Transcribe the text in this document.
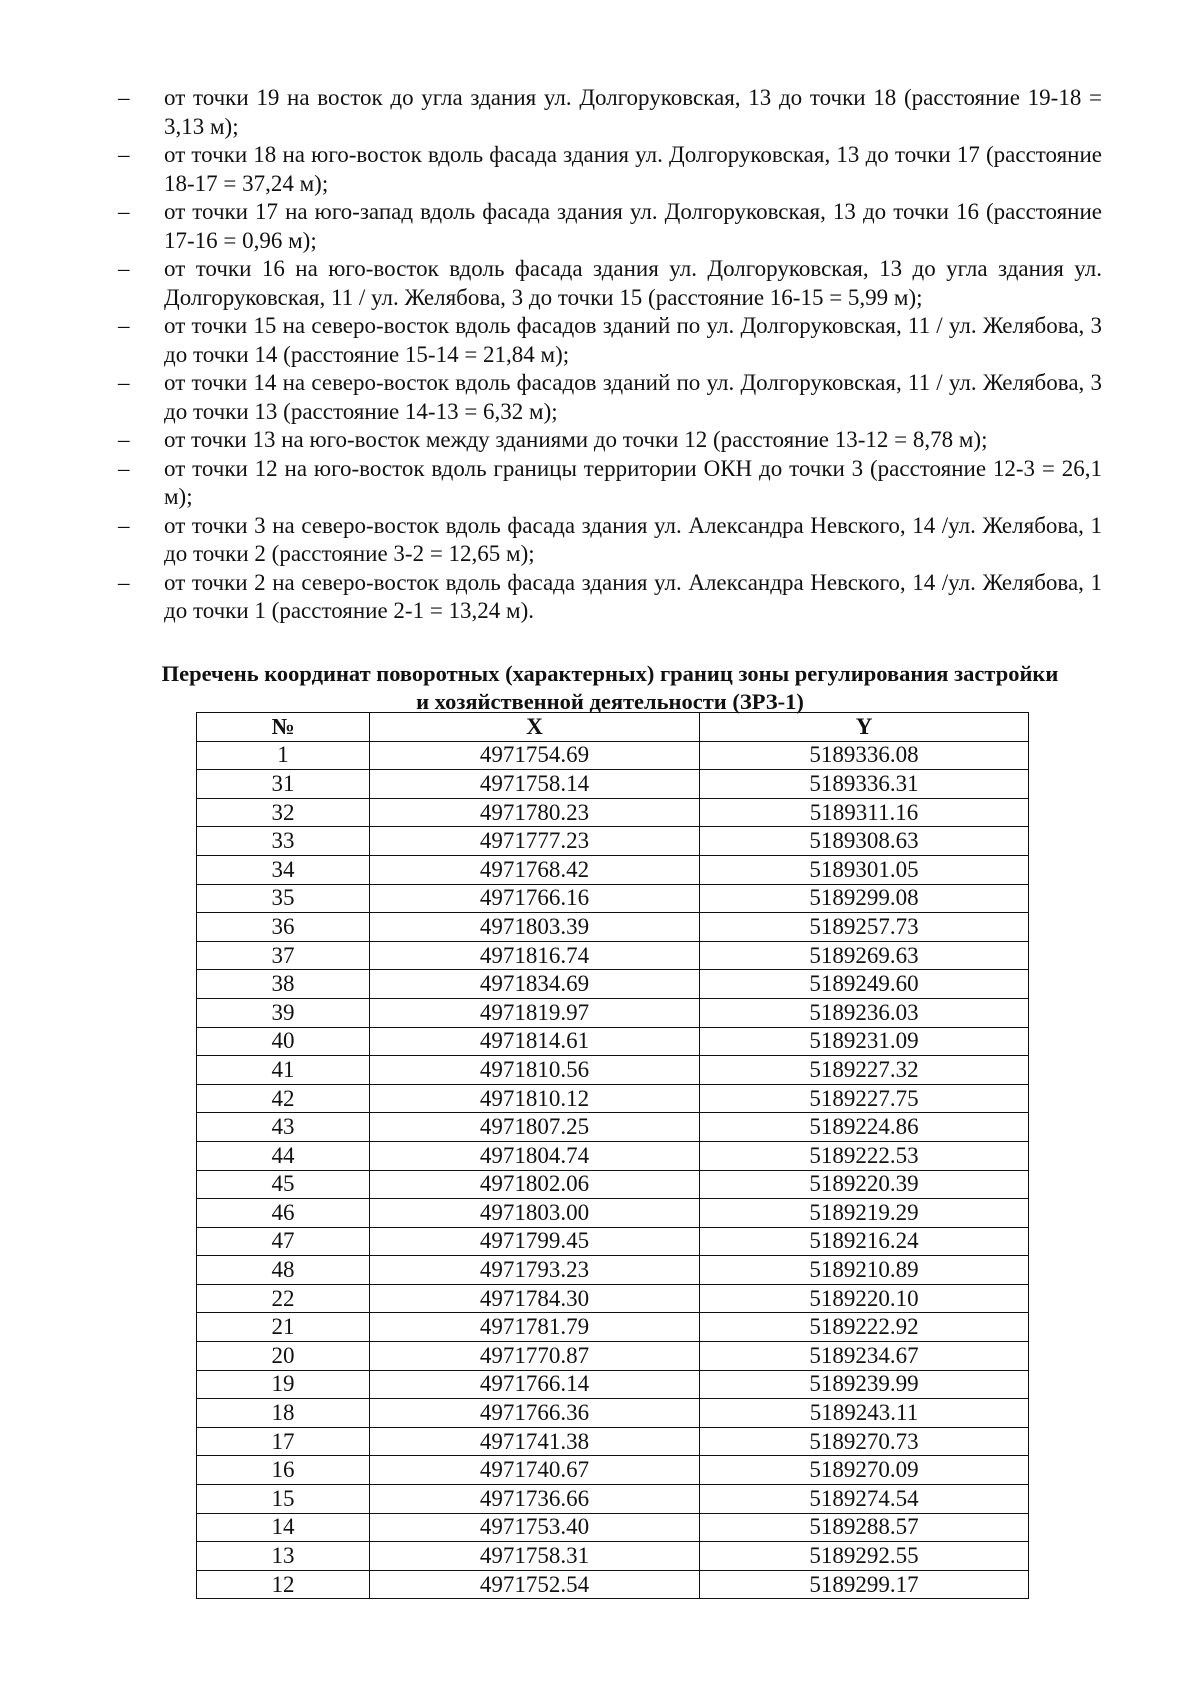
– от точки 19 на восток до угла здания ул. Долгоруковская, 13 до точки 18 (расстояние 19-18 = 3,13 м);
– от точки 18 на юго-восток вдоль фасада здания ул. Долгоруковская, 13 до точки 17 (расстояние 18-17 = 37,24 м);
– от точки 17 на юго-запад вдоль фасада здания ул. Долгоруковская, 13 до точки 16 (расстояние 17-16 = 0,96 м);
– от точки 16 на юго-восток вдоль фасада здания ул. Долгоруковская, 13 до угла здания ул. Долгоруковская, 11 / ул. Желябова, 3 до точки 15 (расстояние 16-15 = 5,99 м);
– от точки 15 на северо-восток вдоль фасадов зданий по ул. Долгоруковская, 11 / ул. Желябова, 3 до точки 14 (расстояние 15-14 = 21,84 м);
– от точки 14 на северо-восток вдоль фасадов зданий по ул. Долгоруковская, 11 / ул. Желябова, 3 до точки 13 (расстояние 14-13 = 6,32 м);
– от точки 13 на юго-восток между зданиями до точки 12 (расстояние 13-12 = 8,78 м);
– от точки 12 на юго-восток вдоль границы территории ОКН до точки 3 (расстояние 12-3 = 26,1 м);
– от точки 3 на северо-восток вдоль фасада здания ул. Александра Невского, 14 /ул. Желябова, 1 до точки 2 (расстояние 3-2 = 12,65 м);
– от точки 2 на северо-восток вдоль фасада здания ул. Александра Невского, 14 /ул. Желябова, 1 до точки 1 (расстояние 2-1 = 13,24 м).
Перечень координат поворотных (характерных) границ зоны регулирования застройки
и хозяйственной деятельности (ЗРЗ-1)
№	X	Y
1	4971754.69	5189336.08
31	4971758.14	5189336.31
32	4971780.23	5189311.16
33	4971777.23	5189308.63
34	4971768.42	5189301.05
35	4971766.16	5189299.08
36	4971803.39	5189257.73
37	4971816.74	5189269.63
38	4971834.69	5189249.60
39	4971819.97	5189236.03
40	4971814.61	5189231.09
41	4971810.56	5189227.32
42	4971810.12	5189227.75
43	4971807.25	5189224.86
44	4971804.74	5189222.53
45	4971802.06	5189220.39
46	4971803.00	5189219.29
47	4971799.45	5189216.24
48	4971793.23	5189210.89
22	4971784.30	5189220.10
21	4971781.79	5189222.92
20	4971770.87	5189234.67
19	4971766.14	5189239.99
18	4971766.36	5189243.11
17	4971741.38	5189270.73
16	4971740.67	5189270.09
15	4971736.66	5189274.54
14	4971753.40	5189288.57
13	4971758.31	5189292.55
12	4971752.54	5189299.17
